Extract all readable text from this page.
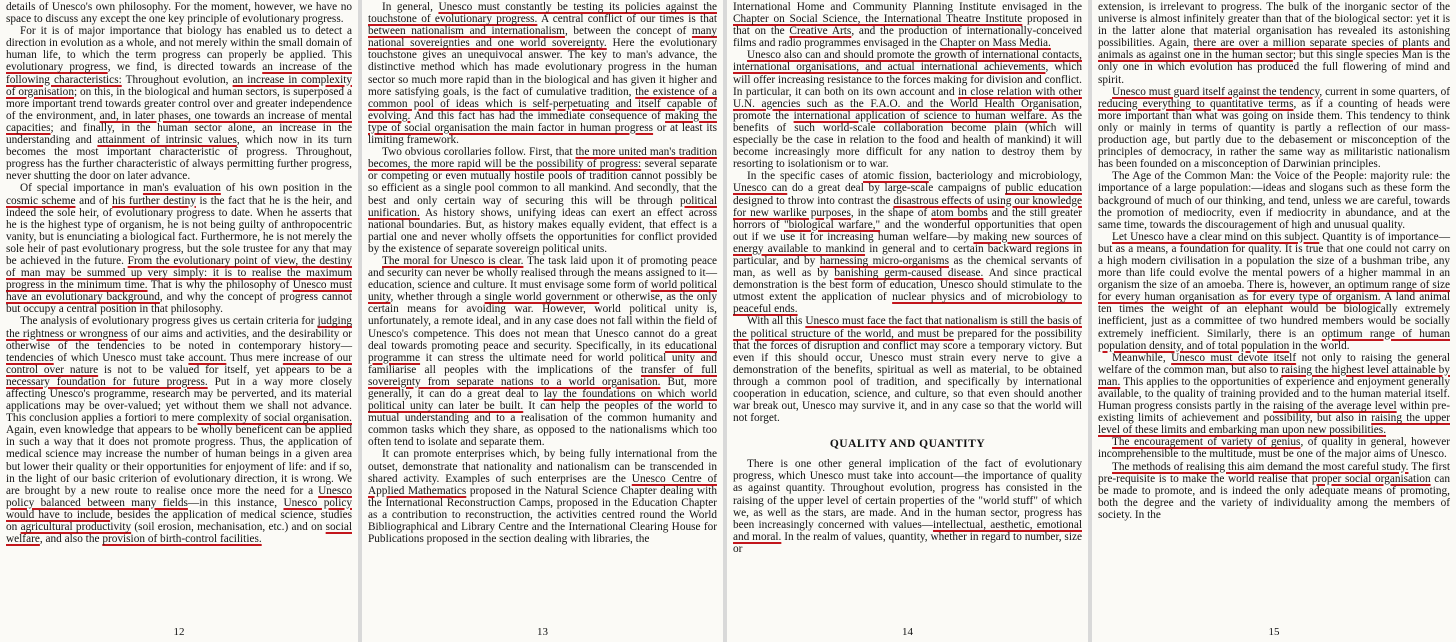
details of Unesco's own philosophy. For the moment, however, we have no space to discuss any except the one key principle of evolutionary progress.

For it is of major importance that biology has enabled us to detect a direction in evolution as a whole, and not merely within the small domain of human life, to which the term progress can properly be applied. This evolutionary progress, we find, is directed towards an increase of the following characteristics: Throughout evolution, an increase in complexity of organisation; on this, in the biological and human sectors, is superposed a more important trend towards greater control over and greater independence of the environment, and, in later phases, one towards an increase of mental capacities; and finally, in the human sector alone, an increase in the understanding and attainment of intrinsic values, which now in its turn becomes the most important characteristic of progress. Throughout, progress has the further characteristic of always permitting further progress, never shutting the door on later advance.

Of special importance in man's evaluation of his own position in the cosmic scheme and of his further destiny is the fact that he is the heir, and indeed the sole heir, of evolutionary progress to date. When he asserts that he is the highest type of organism, he is not being guilty of anthropocentric vanity, but is enunciating a biological fact. Furthermore, he is not merely the sole heir of past evolutionary progress, but the sole trustee for any that may be achieved in the future. From the evolutionary point of view, the destiny of man may be summed up very simply: it is to realise the maximum progress in the minimum time. That is why the philosophy of Unesco must have an evolutionary background, and why the concept of progress cannot but occupy a central position in that philosophy.

The analysis of evolutionary progress gives us certain criteria for judging the rightness or wrongness of our aims and activities, and the desirability or otherwise of the tendencies to be noted in contemporary history—tendencies of which Unesco must take account. Thus mere increase of our control over nature is not to be valued for itself, yet appears to be a necessary foundation for future progress. Put in a way more closely affecting Unesco's programme, research may be perverted, and its material applications may be over-valued; yet without them we shall not advance. This conclusion applies a fortiori to mere complexity of social organisation. Again, even knowledge that appears to be wholly beneficent can be applied in such a way that it does not promote progress. Thus, the application of medical science may increase the number of human beings in a given area but lower their quality or their opportunities for enjoyment of life: and if so, in the light of our basic criterion of evolutionary direction, it is wrong. We are brought by a new route to realise once more the need for a Unesco policy balanced between many fields—in this instance, Unesco policy would have to include, besides the application of medical science, studies on agricultural productivity (soil erosion, mechanisation, etc.) and on social welfare, and also the provision of birth-control facilities.

12

In general, Unesco must constantly be testing its policies against the touchstone of evolutionary progress. A central conflict of our times is that between nationalism and internationalism, between the concept of many national sovereignties and one world sovereignty. Here the evolutionary touchstone gives an unequivocal answer. The key to man's advance, the distinctive method which has made evolutionary progress in the human sector so much more rapid than in the biological and has given it higher and more satisfying goals, is the fact of cumulative tradition, the existence of a common pool of ideas which is self-perpetuating and itself capable of evolving. And this fact has had the immediate consequence of making the type of social organisation the main factor in human progress or at least its limiting framework.

Two obvious corollaries follow. First, that the more united man's tradition becomes, the more rapid will be the possibility of progress: several separate or competing or even mutually hostile pools of tradition cannot possibly be so efficient as a single pool common to all mankind. And secondly, that the best and only certain way of securing this will be through political unification. As history shows, unifying ideas can exert an effect across national boundaries. But, as history makes equally evident, that effect is a partial one and never wholly offsets the opportunities for conflict provided by the existence of separate sovereign political units.

The moral for Unesco is clear. The task laid upon it of promoting peace and security can never be wholly realised through the means assigned to it—education, science and culture. It must envisage some form of world political unity, whether through a single world government or otherwise, as the only certain means for avoiding war. However, world political unity is, unfortunately, a remote ideal, and in any case does not fall within the field of Unesco's competence. This does not mean that Unesco cannot do a great deal towards promoting peace and security. Specifically, in its educational programme it can stress the ultimate need for world political unity and familiarise all peoples with the implications of the transfer of full sovereignty from separate nations to a world organisation. But, more generally, it can do a great deal to lay the foundations on which world political unity can later be built. It can help the peoples of the world to mutual understanding and to a realisation of the common humanity and common tasks which they share, as opposed to the nationalisms which too often tend to isolate and separate them.

It can promote enterprises which, by being fully international from the outset, demonstrate that nationality and nationalism can be transcended in shared activity. Examples of such enterprises are the Unesco Centre of Applied Mathematics proposed in the Natural Science Chapter dealing with the International Reconstruction Camps, proposed in the Education Chapter as a contribution to reconstruction, the activities centred round the World Bibliographical and Library Centre and the International Clearing House for Publications proposed in the section dealing with libraries, the

13

International Home and Community Planning Institute envisaged in the Chapter on Social Science, the International Theatre Institute proposed in that on the Creative Arts, and the production of internationally-conceived films and radio programmes envisaged in the Chapter on Mass Media.

Unesco also can and should promote the growth of international contacts, international organisations, and actual international achievements, which will offer increasing resistance to the forces making for division and conflict. In particular, it can both on its own account and in close relation with other U.N. agencies such as the F.A.O. and the World Health Organisation, promote the international application of science to human welfare. As the benefits of such world-scale collaboration become plain (which will especially be the case in relation to the food and health of mankind) it will become increasingly more difficult for any nation to destroy them by resorting to isolationism or to war.

In the specific cases of atomic fission, bacteriology and microbiology, Unesco can do a great deal by large-scale campaigns of public education designed to throw into contrast the disastrous effects of using our knowledge for new warlike purposes, in the shape of atom bombs and the still greater horrors of "biological warfare," and the wonderful opportunities that open out if we use it for increasing human welfare—by making new sources of energy available to mankind in general and to certain backward regions in particular, and by harnessing micro-organisms as the chemical servants of man, as well as by banishing germ-caused disease. And since practical demonstration is the best form of education, Unesco should stimulate to the utmost extent the application of nuclear physics and of microbiology to peaceful ends.

With all this Unesco must face the fact that nationalism is still the basis of the political structure of the world, and must be prepared for the possibility that the forces of disruption and conflict may score a temporary victory. But even if this should occur, Unesco must strain every nerve to give a demonstration of the benefits, spiritual as well as material, to be obtained through a common pool of tradition, and specifically by international cooperation in education, science, and culture, so that even should another war break out, Unesco may survive it, and in any case so that the world will not forget.

QUALITY AND QUANTITY

There is one other general implication of the fact of evolutionary progress, which Unesco must take into account—the importance of quality as against quantity. Throughout evolution, progress has consisted in the raising of the upper level of certain properties of the "world stuff" of which we, as well as the stars, are made. And in the human sector, progress has been increasingly concerned with values—intellectual, aesthetic, emotional and moral. In the realm of values, quantity, whether in regard to number, size or

14

extension, is irrelevant to progress. The bulk of the inorganic sector of the universe is almost infinitely greater than that of the biological sector: yet it is in the latter alone that material organisation has revealed its astonishing possibilities. Again, there are over a million separate species of plants and animals as against one in the human sector; but this single species Man is the only one in which evolution has produced the full flowering of mind and spirit.

Unesco must guard itself against the tendency, current in some quarters, of reducing everything to quantitative terms, as if a counting of heads were more important than what was going on inside them. This tendency to think only or mainly in terms of quantity is partly a reflection of our mass-production age, but partly due to the debasement or misconception of the principles of democracy, in rather the same way as militaristic nationalism has been founded on a misconception of Darwinian principles.

The Age of the Common Man: the Voice of the People: majority rule: the importance of a large population:—ideas and slogans such as these form the background of much of our thinking, and tend, unless we are careful, towards the promotion of mediocrity, even if mediocrity in abundance, and at the same time, towards the discouragement of high and unusual quality.

Let Unesco have a clear mind on this subject. Quantity is of importance—but as a means, a foundation for quality. It is true that one could not carry on a high modern civilisation in a population the size of a bushman tribe, any more than life could evolve the mental powers of a higher mammal in an organism the size of an amoeba. There is, however, an optimum range of size for every human organisation as for every type of organism. A land animal ten times the weight of an elephant would be biologically extremely inefficient, just as a committee of two hundred members would be socially extremely inefficient. Similarly, there is an optimum range of human population density, and of total population in the world.

Meanwhile, Unesco must devote itself not only to raising the general welfare of the common man, but also to raising the highest level attainable by man. This applies to the opportunities of experience and enjoyment generally available, to the quality of training provided and to the human material itself. Human progress consists partly in the raising of the average level within pre-existing limits of achievement and possibility, but also in raising the upper level of these limits and embarking man upon new possibilities.

The encouragement of variety of genius, of quality in general, however incomprehensible to the multitude, must be one of the major aims of Unesco.

The methods of realising this aim demand the most careful study. The first pre-requisite is to make the world realise that proper social organisation can be made to promote, and is indeed the only adequate means of promoting, both the degree and the variety of individuality among the members of society. In the

15
